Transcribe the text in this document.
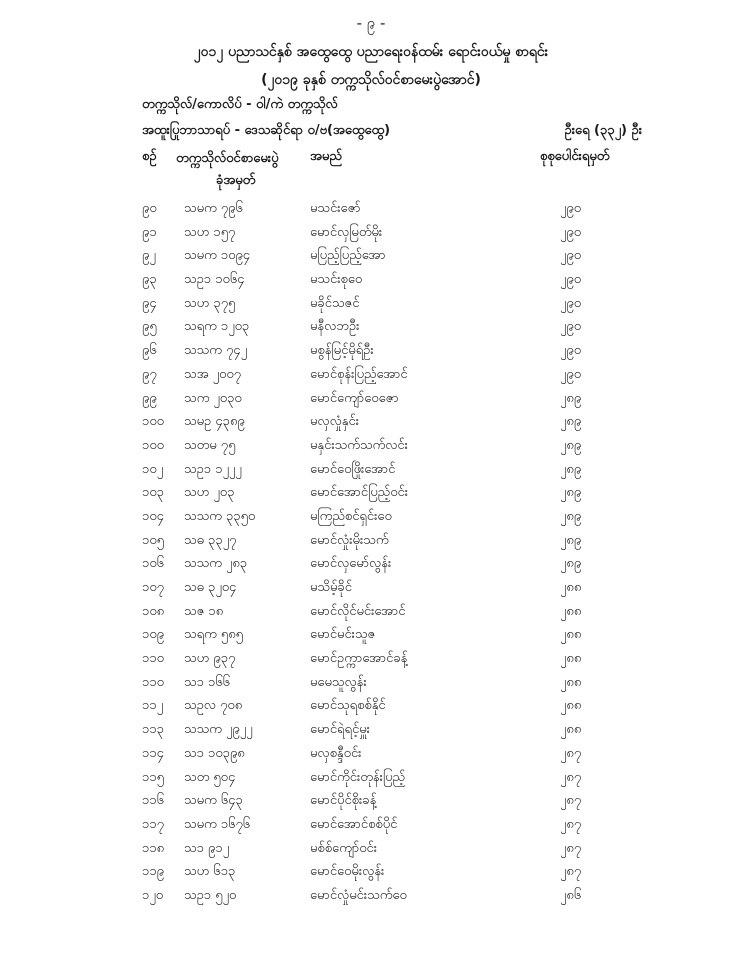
- ၉ -
၂၀၁၂ ပညာသင်နှစ် အထွေထွေ ပညာရေးဝန်ထမ်း ရောင်းဝယ်မှု စာရင်း
(၂၀၁၉ ခုနှစ် တက္ကသိုလ်ဝင်စာမေးပွဲအောင်)
တက္ကသိုလ်/ကောလိပ် - ဝါ/ကဲ တက္ကသိုလ်
အထူးပြုဘာသာရပ် - ဒေသဆိုင်ရာ ဝ/ဗ(အထွေထွေ)	ဦးရေ (၃၃၂) ဦး
စဉ် တက္ကသိုလ်ဝင်စာမေးပွဲ
ခုံအမှတ်
အမည်	စုစုပေါင်းရမှတ်
၉၀	သမက ၇၉၆	မသင်းဇော်	၂၉၀
၉၁	သဟ ၁၅၇	မောင်လှမြတ်မိုး	၂၉၀
၉၂	သမက ၁၀၉၄	မပြည့်ပြည့်အော	၂၉၀
၉၃	သဥ၁ ၁၀၆၄	မသင်းစုဝေ	၂၉၀
၉၄	သဟ ၃၇၅	မခိုင်သဇင်	၂၉၀
၉၅	သရက ၁၂၀၃	မနီလဘဦး	၂၉၀
၉၆	သသက ၇၄၂	မစွန်မြင့်မိုရ်ဦး	၂၉၀
၉၇	သအ ၂၀၀၇	မောင်စုန်းပြည့်အောင်	၂၉၀
၉၉	သက ၂၀၃၀	မောင်ကျော်ဝေဇော	၂၈၉
၁၀၀	သမဥ ၄၃၈၉	မလှလှုံနှင်း	၂၈၉
၁၀၀	သတမ ၇၅	မနှင်းသက်သက်လင်း	၂၈၉
၁၀၂	သဥ၁ ၁၂၂၂	မောင်ဝေဖြိုးအောင်	၂၈၉
၁၀၃	သဟ ၂၀၃	မောင်အောင်ပြည့်ဝင်း	၂၈၉
၁၀၄	သသက ၃၃၅၀	မကြည်စင်ရှင်းဝေ	၂၈၉
၁၀၅	သဓ ၃၃၂၇	မောင်လှုံးမိုးသက်	၂၈၉
၁၀၆	သသက ၂၈၃	မောင်လှမော်လွန်း	၂၈၉
၁၀၇	သဓ ၃၂၀၄	မသိမ့်ခိုင်	၂၈၈
၁၀၈	သဇ ၁၈	မောင်လိုင်မင်းအောင်	၂၈၈
၁၀၉	သရက ၅၈၅	မောင်မင်းသူဇ	၂၈၈
၁၁၀	သဟ ၉၃၇	မောင်ဥက္ကာအောင်ခန့်	၂၈၈
၁၁၀	သ၁ ၁၆၆	မမေသူလွန်း	၂၈၈
၁၁၂	သဥလ ၇၀၈	မောင်သုရစစ်နိုင်	၂၈၈
၁၁၃	သသက ၂၉၂၂	မောင်ရဲရင့်မှူး	၂၈၈
၁၁၄	သ၁ ၁၀၃၉၈	မလှစန္ဒီဝင်း	၂၈၇
၁၁၅	သတ ၅၀၄	မောင်ကိုင်းတုန်းပြည့်	၂၈၇
၁၁၆	သမက ၆၄၃	မောင်ပိုင်စိုးခန့်	၂၈၇
၁၁၇	သမက ၁၆၇၆	မောင်အောင်စစ်ပိုင်	၂၈၇
၁၁၈	သ၁ ၉၁၂	မစ်စ်ကျော်ဝင်း	၂၈၇
၁၁၉	သဟ ၆၁၃	မောင်ဝေမိုးလွန်း	၂၈၇
၁၂၀	သဥ၁ ၅၂၀	မောင်လှုံမင်းသက်ဝေ	၂၈၆
